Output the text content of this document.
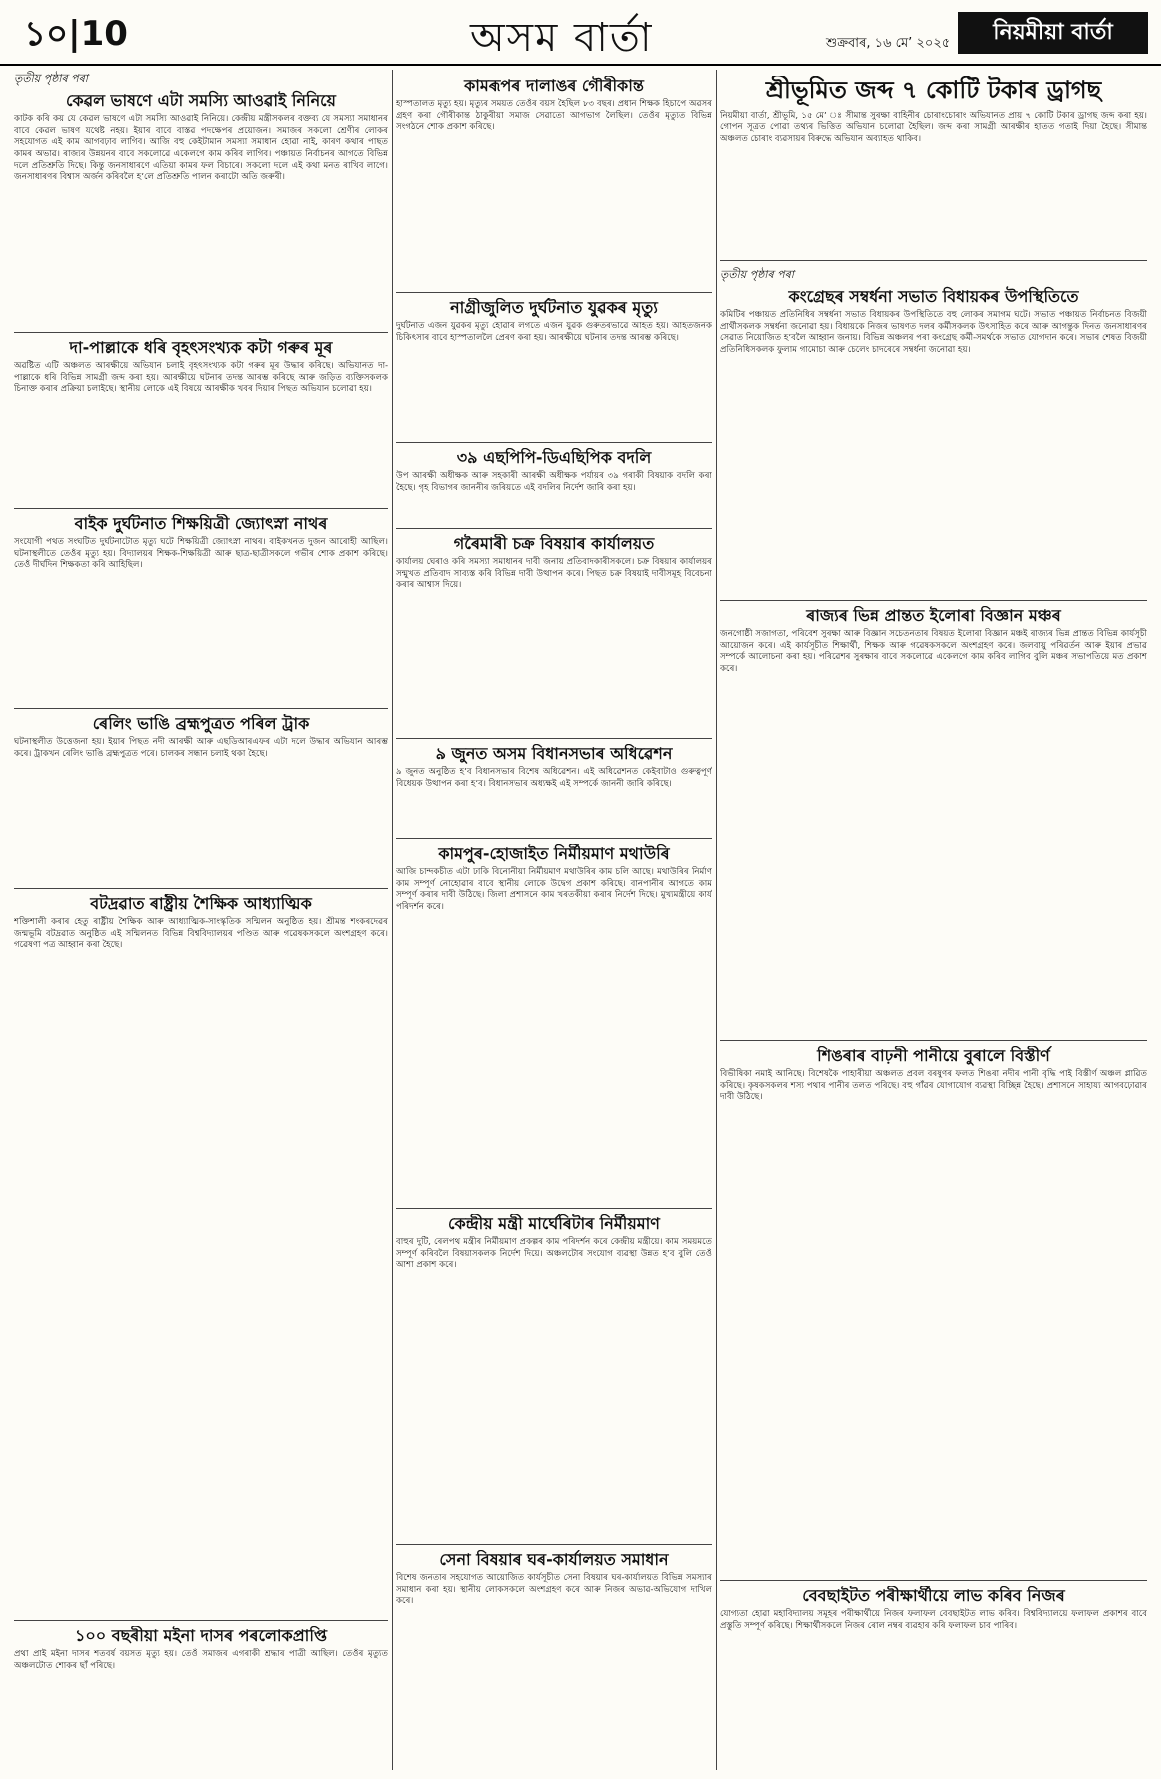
১০|10	অসম বাৰ্তা	শুক্ৰবাৰ, ১৬ মে’ ২০২৫	নিয়মীয়া বাৰ্তা
তৃতীয় পৃষ্ঠাৰ পৰা
কেৱল ভাষণে এটা সমস্যি আওৱাই নিনিয়ে
কাটক কৰি কয় যে কেৱল ভাষণে এটা সমস্যি আওৱাই নিনিয়ে। কেন্দ্ৰীয় মন্ত্ৰীসকলৰ বক্তব্য যে সমস্যা সমাধানৰ বাবে কেৱল ভাষণ যথেষ্ট নহয়। ইয়াৰ বাবে বাস্তৱ পদক্ষেপৰ প্ৰয়োজন। সমাজৰ সকলো শ্ৰেণীৰ লোকৰ সহযোগত এই কাম আগবঢ়াব লাগিব। আজি বহু কেইটামান সমস্যা সমাধান হোৱা নাই, কাৰণ কথাৰ পাছত কামৰ অভাৱ। ৰাজ্যৰ উন্নয়নৰ বাবে সকলোৱে একেলগে কাম কৰিব লাগিব। পঞ্চায়ত নিৰ্বাচনৰ আগতে বিভিন্ন দলে প্ৰতিশ্ৰুতি দিছে। কিন্তু জনসাধাৰণে এতিয়া কামৰ ফল বিচাৰে। সকলো দলে এই কথা মনত ৰাখিব লাগে। জনসাধাৰণৰ বিশ্বাস অৰ্জন কৰিবলৈ হ’লে প্ৰতিশ্ৰুতি পালন কৰাটো অতি জৰুৰী।
দা-পাল্লাকে ধৰি বৃহৎসংখ্যক কটা গৰুৰ মূৰ
অৱষ্টিত এটি অঞ্চলত আৰক্ষীয়ে অভিযান চলাই বৃহৎসংখ্যক কটা গৰুৰ মূৰ উদ্ধাৰ কৰিছে। অভিযানত দা-পাল্লাকে ধৰি বিভিন্ন সামগ্ৰী জব্দ কৰা হয়। আৰক্ষীয়ে ঘটনাৰ তদন্ত আৰম্ভ কৰিছে আৰু জড়িত ব্যক্তিসকলক চিনাক্ত কৰাৰ প্ৰক্ৰিয়া চলাইছে। স্থানীয় লোকে এই বিষয়ে আৰক্ষীক খবৰ দিয়াৰ পিছত অভিযান চলোৱা হয়।
বাইক দুৰ্ঘটনাত শিক্ষয়িত্ৰী জ্যোৎস্না নাথৰ
সংযোগী পথত সংঘটিত দুৰ্ঘটনাটোত মৃত্যু ঘটে শিক্ষয়িত্ৰী জ্যোৎস্না নাথৰ। বাইকখনত দুজন আৰোহী আছিল। ঘটনাস্থলীতে তেওঁৰ মৃত্যু হয়। বিদ্যালয়ৰ শিক্ষক-শিক্ষয়িত্ৰী আৰু ছাত্ৰ-ছাত্ৰীসকলে গভীৰ শোক প্ৰকাশ কৰিছে। তেওঁ দীৰ্ঘদিন শিক্ষকতা কৰি আহিছিল।
ৰেলিং ভাঙি ব্ৰহ্মপুত্ৰত পৰিল ট্ৰাক
ঘটনাস্থলীত উত্তেজনা হয়। ইয়াৰ পিছত নদী আৰক্ষী আৰু এছডিআৰএফৰ এটা দলে উদ্ধাৰ অভিযান আৰম্ভ কৰে। ট্ৰাকখন ৰেলিং ভাঙি ব্ৰহ্মপুত্ৰত পৰে। চালকৰ সন্ধান চলাই থকা হৈছে।
বটদ্ৰৱাত ৰাষ্ট্ৰীয় শৈক্ষিক আধ্যাত্মিক
শক্তিশালী কৰাৰ হেতু ৰাষ্ট্ৰীয় শৈক্ষিক আৰু আধ্যাত্মিক-সাংস্কৃতিক সন্মিলন অনুষ্ঠিত হয়। শ্ৰীমন্ত শংকৰদেৱৰ জন্মভূমি বটদ্ৰৱাত অনুষ্ঠিত এই সন্মিলনত বিভিন্ন বিশ্ববিদ্যালয়ৰ পণ্ডিত আৰু গৱেষকসকলে অংশগ্ৰহণ কৰে। গৱেষণা পত্ৰ আহ্বান কৰা হৈছে।
১০০ বছৰীয়া মইনা দাসৰ পৰলোকপ্ৰাপ্তি
প্ৰথা প্ৰাই মইনা দাসৰ শতবৰ্ষ বয়সত মৃত্যু হয়। তেওঁ সমাজৰ এগৰাকী শ্ৰদ্ধাৰ পাত্ৰী আছিল। তেওঁৰ মৃত্যুত অঞ্চলটোত শোকৰ ছাঁ পৰিছে।
কামৰূপৰ দালাঙৰ গৌৰীকান্ত
হাস্পতালত মৃত্যু হয়। মৃত্যুৰ সময়ত তেওঁৰ বয়স হৈছিল ৮৩ বছৰ। প্ৰধান শিক্ষক হিচাপে অৱসৰ গ্ৰহণ কৰা গৌৰীকান্ত ঠাকুৰীয়া সমাজ সেৱাতো আগভাগ লৈছিল। তেওঁৰ মৃত্যুত বিভিন্ন সংগঠনে শোক প্ৰকাশ কৰিছে।
নাগ্ৰীজুলিত দুৰ্ঘটনাত যুৱকৰ মৃত্যু
দুৰ্ঘটনাত এজন যুৱকৰ মৃত্যু হোৱাৰ লগতে এজন যুৱক গুৰুতৰভাৱে আহত হয়। আহতজনক চিকিৎসাৰ বাবে হাস্পতাললৈ প্ৰেৰণ কৰা হয়। আৰক্ষীয়ে ঘটনাৰ তদন্ত আৰম্ভ কৰিছে।
৩৯ এছপিপি-ডিএছিপিক বদলি
উপ আৰক্ষী অধীক্ষক আৰু সহকাৰী আৰক্ষী অধীক্ষক পৰ্যায়ৰ ৩৯ গৰাকী বিষয়াক বদলি কৰা হৈছে। গৃহ বিভাগৰ জাননীৰ জৰিয়তে এই বদলিৰ নিৰ্দেশ জাৰি কৰা হয়।
গৰৈমাৰী চক্ৰ বিষয়াৰ কাৰ্যালয়ত
কাৰ্যালয় ঘেৰাও কৰি সমস্যা সমাধানৰ দাবী জনায় প্ৰতিবাদকাৰীসকলে। চক্ৰ বিষয়াৰ কাৰ্যালয়ৰ সন্মুখত প্ৰতিবাদ সাব্যস্ত কৰি বিভিন্ন দাবী উত্থাপন কৰে। পিছত চক্ৰ বিষয়াই দাবীসমূহ বিবেচনা কৰাৰ আশ্বাস দিয়ে।
৯ জুনত অসম বিধানসভাৰ অধিৱেশন
৯ জুনত অনুষ্ঠিত হ’ব বিধানসভাৰ বিশেষ অধিৱেশন। এই অধিৱেশনত কেইবাটাও গুৰুত্বপূৰ্ণ বিধেয়ক উত্থাপন কৰা হ’ব। বিধানসভাৰ অধ্যক্ষই এই সম্পৰ্কে জাননী জাৰি কৰিছে।
কামপুৰ-হোজাইত নিৰ্মীয়মাণ মথাউৰি
আজি চান্দকচীত এটা ঢাকি বিনোনীয়া নিৰ্মীয়মাণ মথাউৰিৰ কাম চলি আছে। মথাউৰিৰ নিৰ্মাণ কাম সম্পূৰ্ণ নোহোৱাৰ বাবে স্থানীয় লোকে উদ্বেগ প্ৰকাশ কৰিছে। বানপানীৰ আগতে কাম সম্পূৰ্ণ কৰাৰ দাবী উঠিছে। জিলা প্ৰশাসনে কাম খৰতকীয়া কৰাৰ নিৰ্দেশ দিছে। মুখ্যমন্ত্ৰীয়ে কাৰ্য পৰিদৰ্শন কৰে।
কেন্দ্ৰীয় মন্ত্ৰী মাৰ্ঘেৰিটাৰ নিৰ্মীয়মাণ
বাহুৰ দুটি, ৰেলপথ মন্ত্ৰীৰ নিৰ্মীয়মাণ প্ৰকল্পৰ কাম পৰিদৰ্শন কৰে কেন্দ্ৰীয় মন্ত্ৰীয়ে। কাম সময়মতে সম্পূৰ্ণ কৰিবলৈ বিষয়াসকলক নিৰ্দেশ দিয়ে। অঞ্চলটোৰ সংযোগ ব্যৱস্থা উন্নত হ’ব বুলি তেওঁ আশা প্ৰকাশ কৰে।
সেনা বিষয়াৰ ঘৰ-কাৰ্যালয়ত সমাধান
বিশেষ জনতাৰ সহযোগত আয়োজিত কাৰ্যসূচীত সেনা বিষয়াৰ ঘৰ-কাৰ্যালয়ত বিভিন্ন সমস্যাৰ সমাধান কৰা হয়। স্থানীয় লোকসকলে অংশগ্ৰহণ কৰে আৰু নিজৰ অভাৱ-অভিযোগ দাখিল কৰে।
শ্ৰীভূমিত জব্দ ৭ কোটি টকাৰ ড্ৰাগছ
নিয়মীয়া বাৰ্তা, শ্ৰীভূমি, ১৫ মে’ ঃ সীমান্ত সুৰক্ষা বাহিনীৰ চোৰাংচোৰাং অভিযানত প্ৰায় ৭ কোটি টকাৰ ড্ৰাগছ জব্দ কৰা হয়। গোপন সূত্ৰত পোৱা তথ্যৰ ভিত্তিত অভিযান চলোৱা হৈছিল। জব্দ কৰা সামগ্ৰী আৰক্ষীৰ হাতত গতাই দিয়া হৈছে। সীমান্ত অঞ্চলত চোৰাং ব্যৱসায়ৰ বিৰুদ্ধে অভিযান অব্যাহত থাকিব।
তৃতীয় পৃষ্ঠাৰ পৰা
কংগ্ৰেছৰ সম্বৰ্ধনা সভাত বিধায়কৰ উপস্থিতিতে
কমিটিৰ পঞ্চায়ত প্ৰতিনিধিৰ সম্বৰ্ধনা সভাত বিধায়কৰ উপস্থিতিতে বহু লোকৰ সমাগম ঘটে। সভাত পঞ্চায়ত নিৰ্বাচনত বিজয়ী প্ৰাৰ্থীসকলক সম্বৰ্ধনা জনোৱা হয়। বিধায়কে নিজৰ ভাষণত দলৰ কৰ্মীসকলক উৎসাহিত কৰে আৰু আগন্তুক দিনত জনসাধাৰণৰ সেৱাত নিয়োজিত হ’বলৈ আহ্বান জনায়। বিভিন্ন অঞ্চলৰ পৰা কংগ্ৰেছ কৰ্মী-সমৰ্থকে সভাত যোগদান কৰে। সভাৰ শেষত বিজয়ী প্ৰতিনিধিসকলক ফুলাম গামোচা আৰু চেলেং চাদৰেৰে সম্বৰ্ধনা জনোৱা হয়।
ৰাজ্যৰ ভিন্ন প্ৰান্তত ইলোৰা বিজ্ঞান মঞ্চৰ
জনগোষ্ঠী সজাগতা, পৰিবেশ সুৰক্ষা আৰু বিজ্ঞান সচেতনতাৰ বিষয়ত ইলোৰা বিজ্ঞান মঞ্চই ৰাজ্যৰ ভিন্ন প্ৰান্তত বিভিন্ন কাৰ্যসূচী আয়োজন কৰে। এই কাৰ্যসূচীত শিক্ষাৰ্থী, শিক্ষক আৰু গৱেষকসকলে অংশগ্ৰহণ কৰে। জলবায়ু পৰিৱৰ্তন আৰু ইয়াৰ প্ৰভাৱ সম্পৰ্কে আলোচনা কৰা হয়। পৰিৱেশৰ সুৰক্ষাৰ বাবে সকলোৱে একেলগে কাম কৰিব লাগিব বুলি মঞ্চৰ সভাপতিয়ে মত প্ৰকাশ কৰে।
শিঙৰাৰ বাঢ়নী পানীয়ে বুৰালে বিস্তীৰ্ণ
বিভীষিকা নমাই আনিছে। বিশেষকৈ পাহাৰীয়া অঞ্চলত প্ৰবল বৰষুণৰ ফলত শিঙৰা নদীৰ পানী বৃদ্ধি পাই বিস্তীৰ্ণ অঞ্চল প্লাৱিত কৰিছে। কৃষকসকলৰ শস্য পথাৰ পানীৰ তলত পৰিছে। বহু গাঁৱৰ যোগাযোগ ব্যৱস্থা বিচ্ছিন্ন হৈছে। প্ৰশাসনে সাহায্য আগবঢ়োৱাৰ দাবী উঠিছে।
বেবছাইটত পৰীক্ষাৰ্থীয়ে লাভ কৰিব নিজৰ
যোগ্যতা হোৱা মহাবিদ্যালয় সমূহৰ পৰীক্ষাৰ্থীয়ে নিজৰ ফলাফল বেবছাইটত লাভ কৰিব। বিশ্ববিদ্যালয়ে ফলাফল প্ৰকাশৰ বাবে প্ৰস্তুতি সম্পূৰ্ণ কৰিছে। শিক্ষাৰ্থীসকলে নিজৰ ৰোল নম্বৰ ব্যৱহাৰ কৰি ফলাফল চাব পাৰিব।
